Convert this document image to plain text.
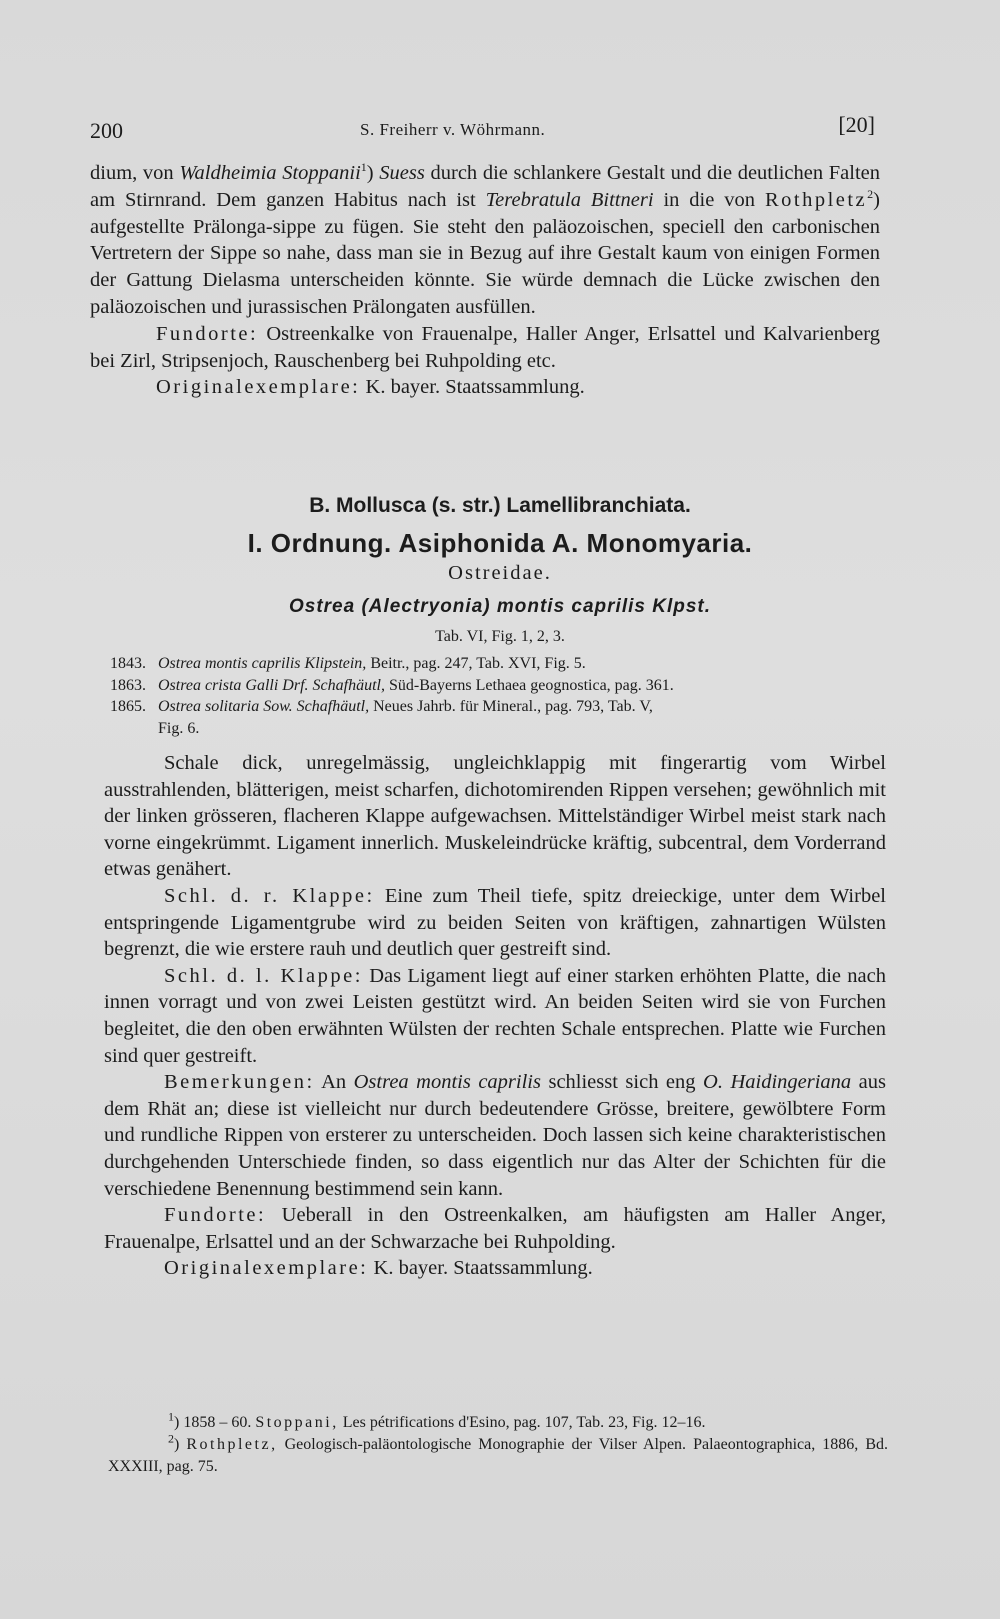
200	S. Freiherr v. Wöhrmann.	[20]

dium, von Waldheimia Stoppanii$^1$) Suess durch die schlankere Gestalt und die deutlichen Falten am Stirnrand. Dem ganzen Habitus nach ist Terebratula Bittneri in die von Rothpletz$^2$) aufgestellte Prälonga-sippe zu fügen. Sie steht den paläozoischen, speciell den carbonischen Vertretern der Sippe so nahe, dass man sie in Bezug auf ihre Gestalt kaum von einigen Formen der Gattung Dielasma unterscheiden könnte. Sie würde demnach die Lücke zwischen den paläozoischen und jurassischen Prälongaten ausfüllen.

Fundorte: Ostreenkalke von Frauenalpe, Haller Anger, Erlsattel und Kalvarienberg bei Zirl, Stripsenjoch, Rauschenberg bei Ruhpolding etc.

Originalexemplare: K. bayer. Staatssammlung.

B. Mollusca (s. str.) Lamellibranchiata.
I. Ordnung. Asiphonida A. Monomyaria.
Ostreidae.
Ostrea (Alectryonia) montis caprilis Klpst.
Tab. VI, Fig. 1, 2, 3.
1843. Ostrea montis caprilis Klipstein, Beitr., pag. 247, Tab. XVI, Fig. 5.
1863. Ostrea crista Galli Drf. Schafhäutl, Süd-Bayerns Lethaea geognostica, pag. 361.
1865. Ostrea solitaria Sow. Schafhäutl, Neues Jahrb. für Mineral., pag. 793, Tab. V,
Fig. 6.

Schale dick, unregelmässig, ungleichklappig mit fingerartig vom Wirbel ausstrahlenden, blätterigen, meist scharfen, dichotomirenden Rippen versehen; gewöhnlich mit der linken grösseren, flacheren Klappe aufgewachsen. Mittelständiger Wirbel meist stark nach vorne eingekrümmt. Ligament innerlich. Muskeleindrücke kräftig, subcentral, dem Vorderrand etwas genähert.

Schl. d. r. Klappe: Eine zum Theil tiefe, spitz dreieckige, unter dem Wirbel entspringende Ligamentgrube wird zu beiden Seiten von kräftigen, zahnartigen Wülsten begrenzt, die wie erstere rauh und deutlich quer gestreift sind.

Schl. d. l. Klappe: Das Ligament liegt auf einer starken erhöhten Platte, die nach innen vorragt und von zwei Leisten gestützt wird. An beiden Seiten wird sie von Furchen begleitet, die den oben erwähnten Wülsten der rechten Schale entsprechen. Platte wie Furchen sind quer gestreift.

Bemerkungen: An Ostrea montis caprilis schliesst sich eng O. Haidingeriana aus dem Rhät an; diese ist vielleicht nur durch bedeutendere Grösse, breitere, gewölbtere Form und rundliche Rippen von ersterer zu unterscheiden. Doch lassen sich keine charakteristischen durchgehenden Unterschiede finden, so dass eigentlich nur das Alter der Schichten für die verschiedene Benennung bestimmend sein kann.

Fundorte: Ueberall in den Ostreenkalken, am häufigsten am Haller Anger, Frauenalpe, Erlsattel und an der Schwarzache bei Ruhpolding.

Originalexemplare: K. bayer. Staatssammlung.

$^1$) 1858 – 60. Stoppani, Les pétrifications d'Esino, pag. 107, Tab. 23, Fig. 12–16.

$^2$) Rothpletz, Geologisch-paläontologische Monographie der Vilser Alpen. Palaeontographica, 1886, Bd. XXXIII, pag. 75.
